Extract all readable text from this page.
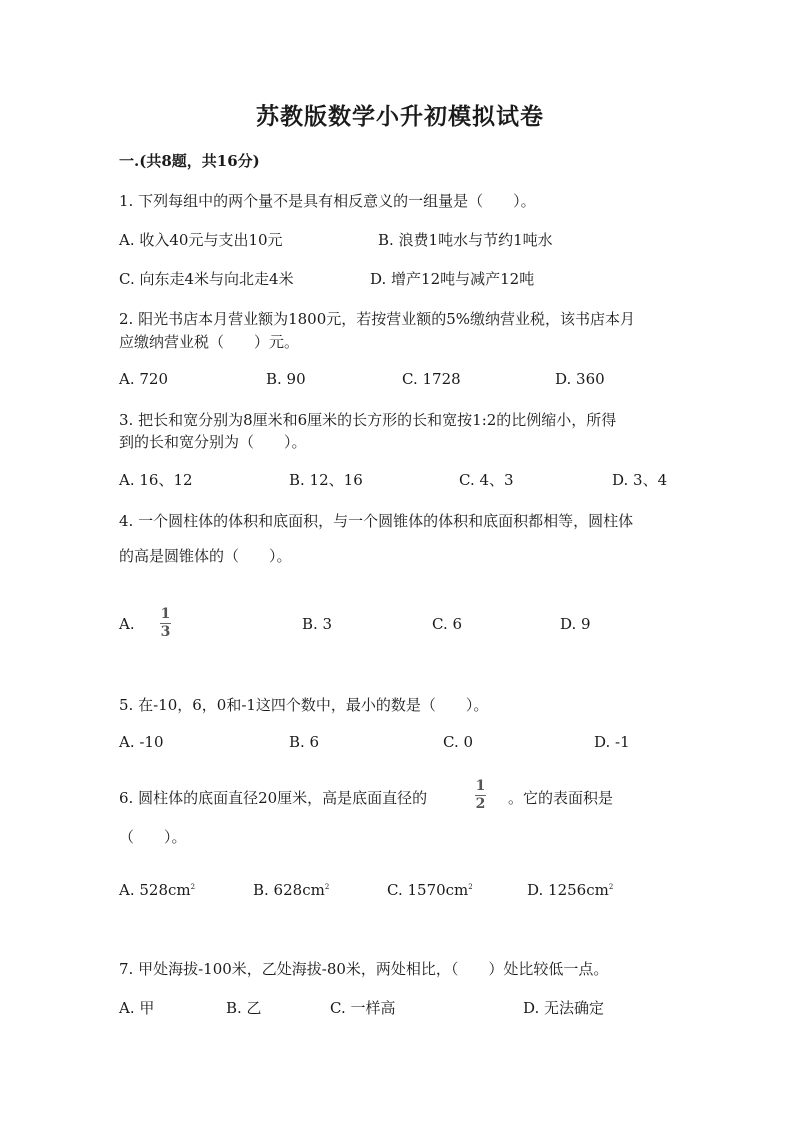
苏教版数学小升初模拟试卷
一.(共8题，共16分)
1. 下列每组中的两个量不是具有相反意义的一组量是（　　）。
A. 收入40元与支出10元	B. 浪费1吨水与节约1吨水
C. 向东走4米与向北走4米	D. 增产12吨与减产12吨
2. 阳光书店本月营业额为1800元，若按营业额的5%缴纳营业税，该书店本月
应缴纳营业税（　　）元。
A. 720	B. 90	C. 1728	D. 360
3. 把长和宽分别为8厘米和6厘米的长方形的长和宽按1:2的比例缩小，所得
到的长和宽分别为（　　）。
A. 16、12	B. 12、16	C. 4、3	D. 3、4
4. 一个圆柱体的体积和底面积，与一个圆锥体的体积和底面积都相等，圆柱体
的高是圆锥体的（　　）。
A.
1
3	B. 3	C. 6	D. 9
5. 在-10，6，0和-1这四个数中，最小的数是（　　）。
A. -10	B. 6	C. 0	D. -1
6. 圆柱体的底面直径20厘米，高是底面直径的
1
2 。它的表面积是
（　　）。
A. $528cm^2$	B. $628cm^2$	C. $1570cm^2$	D. $1256cm^2$
7. 甲处海拔-100米，乙处海拔-80米，两处相比，（　　）处比较低一点。
A. 甲	B. 乙	C. 一样高	D. 无法确定
